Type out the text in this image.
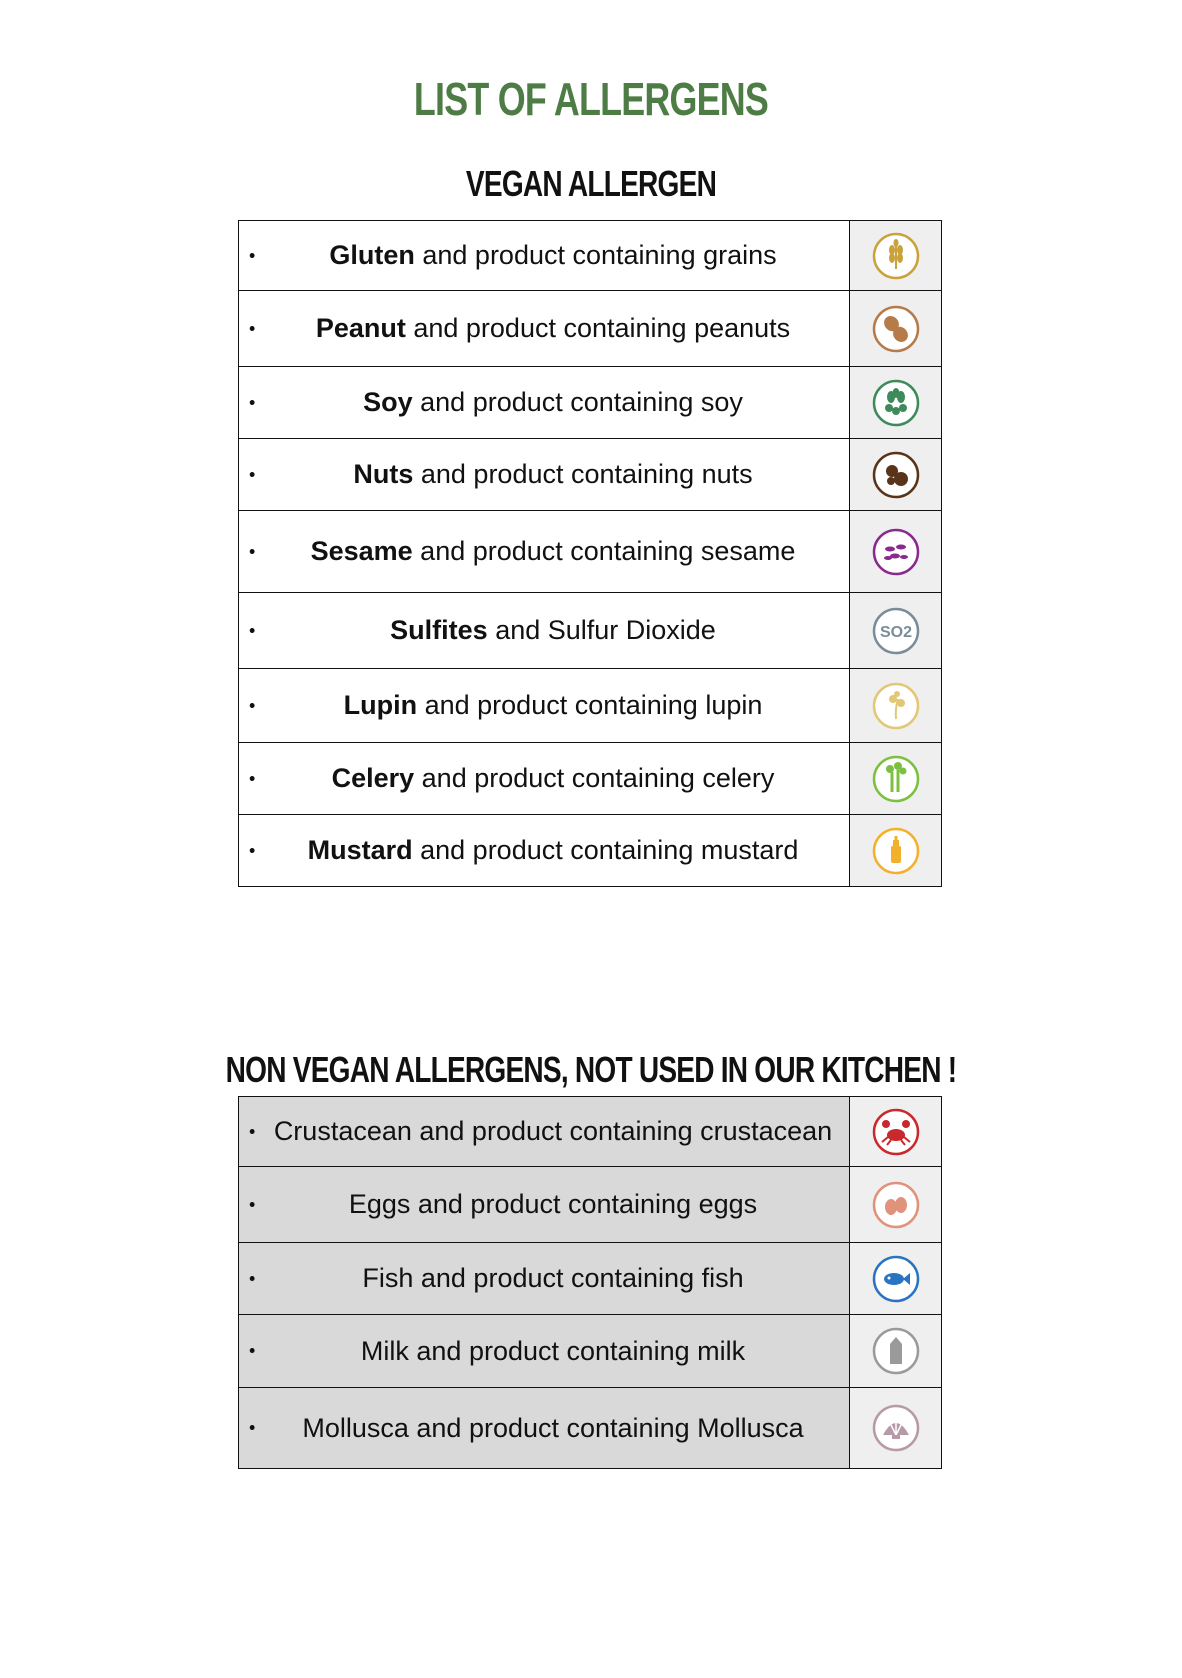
LIST OF ALLERGENS
VEGAN ALLERGEN
• Gluten and product containing grains	

• Peanut and product containing peanuts	

• Soy and product containing soy	

• Nuts and product containing nuts	

• Sesame and product containing sesame	

• Sulfites and Sulfur Dioxide	SO2

• Lupin and product containing lupin	

• Celery and product containing celery	

• Mustard and product containing mustard	
NON VEGAN ALLERGENS, NOT USED IN OUR KITCHEN !
• Crustacean and product containing crustacean	

• Eggs and product containing eggs	

• Fish and product containing fish	

• Milk and product containing milk	

• Mollusca and product containing Mollusca	
